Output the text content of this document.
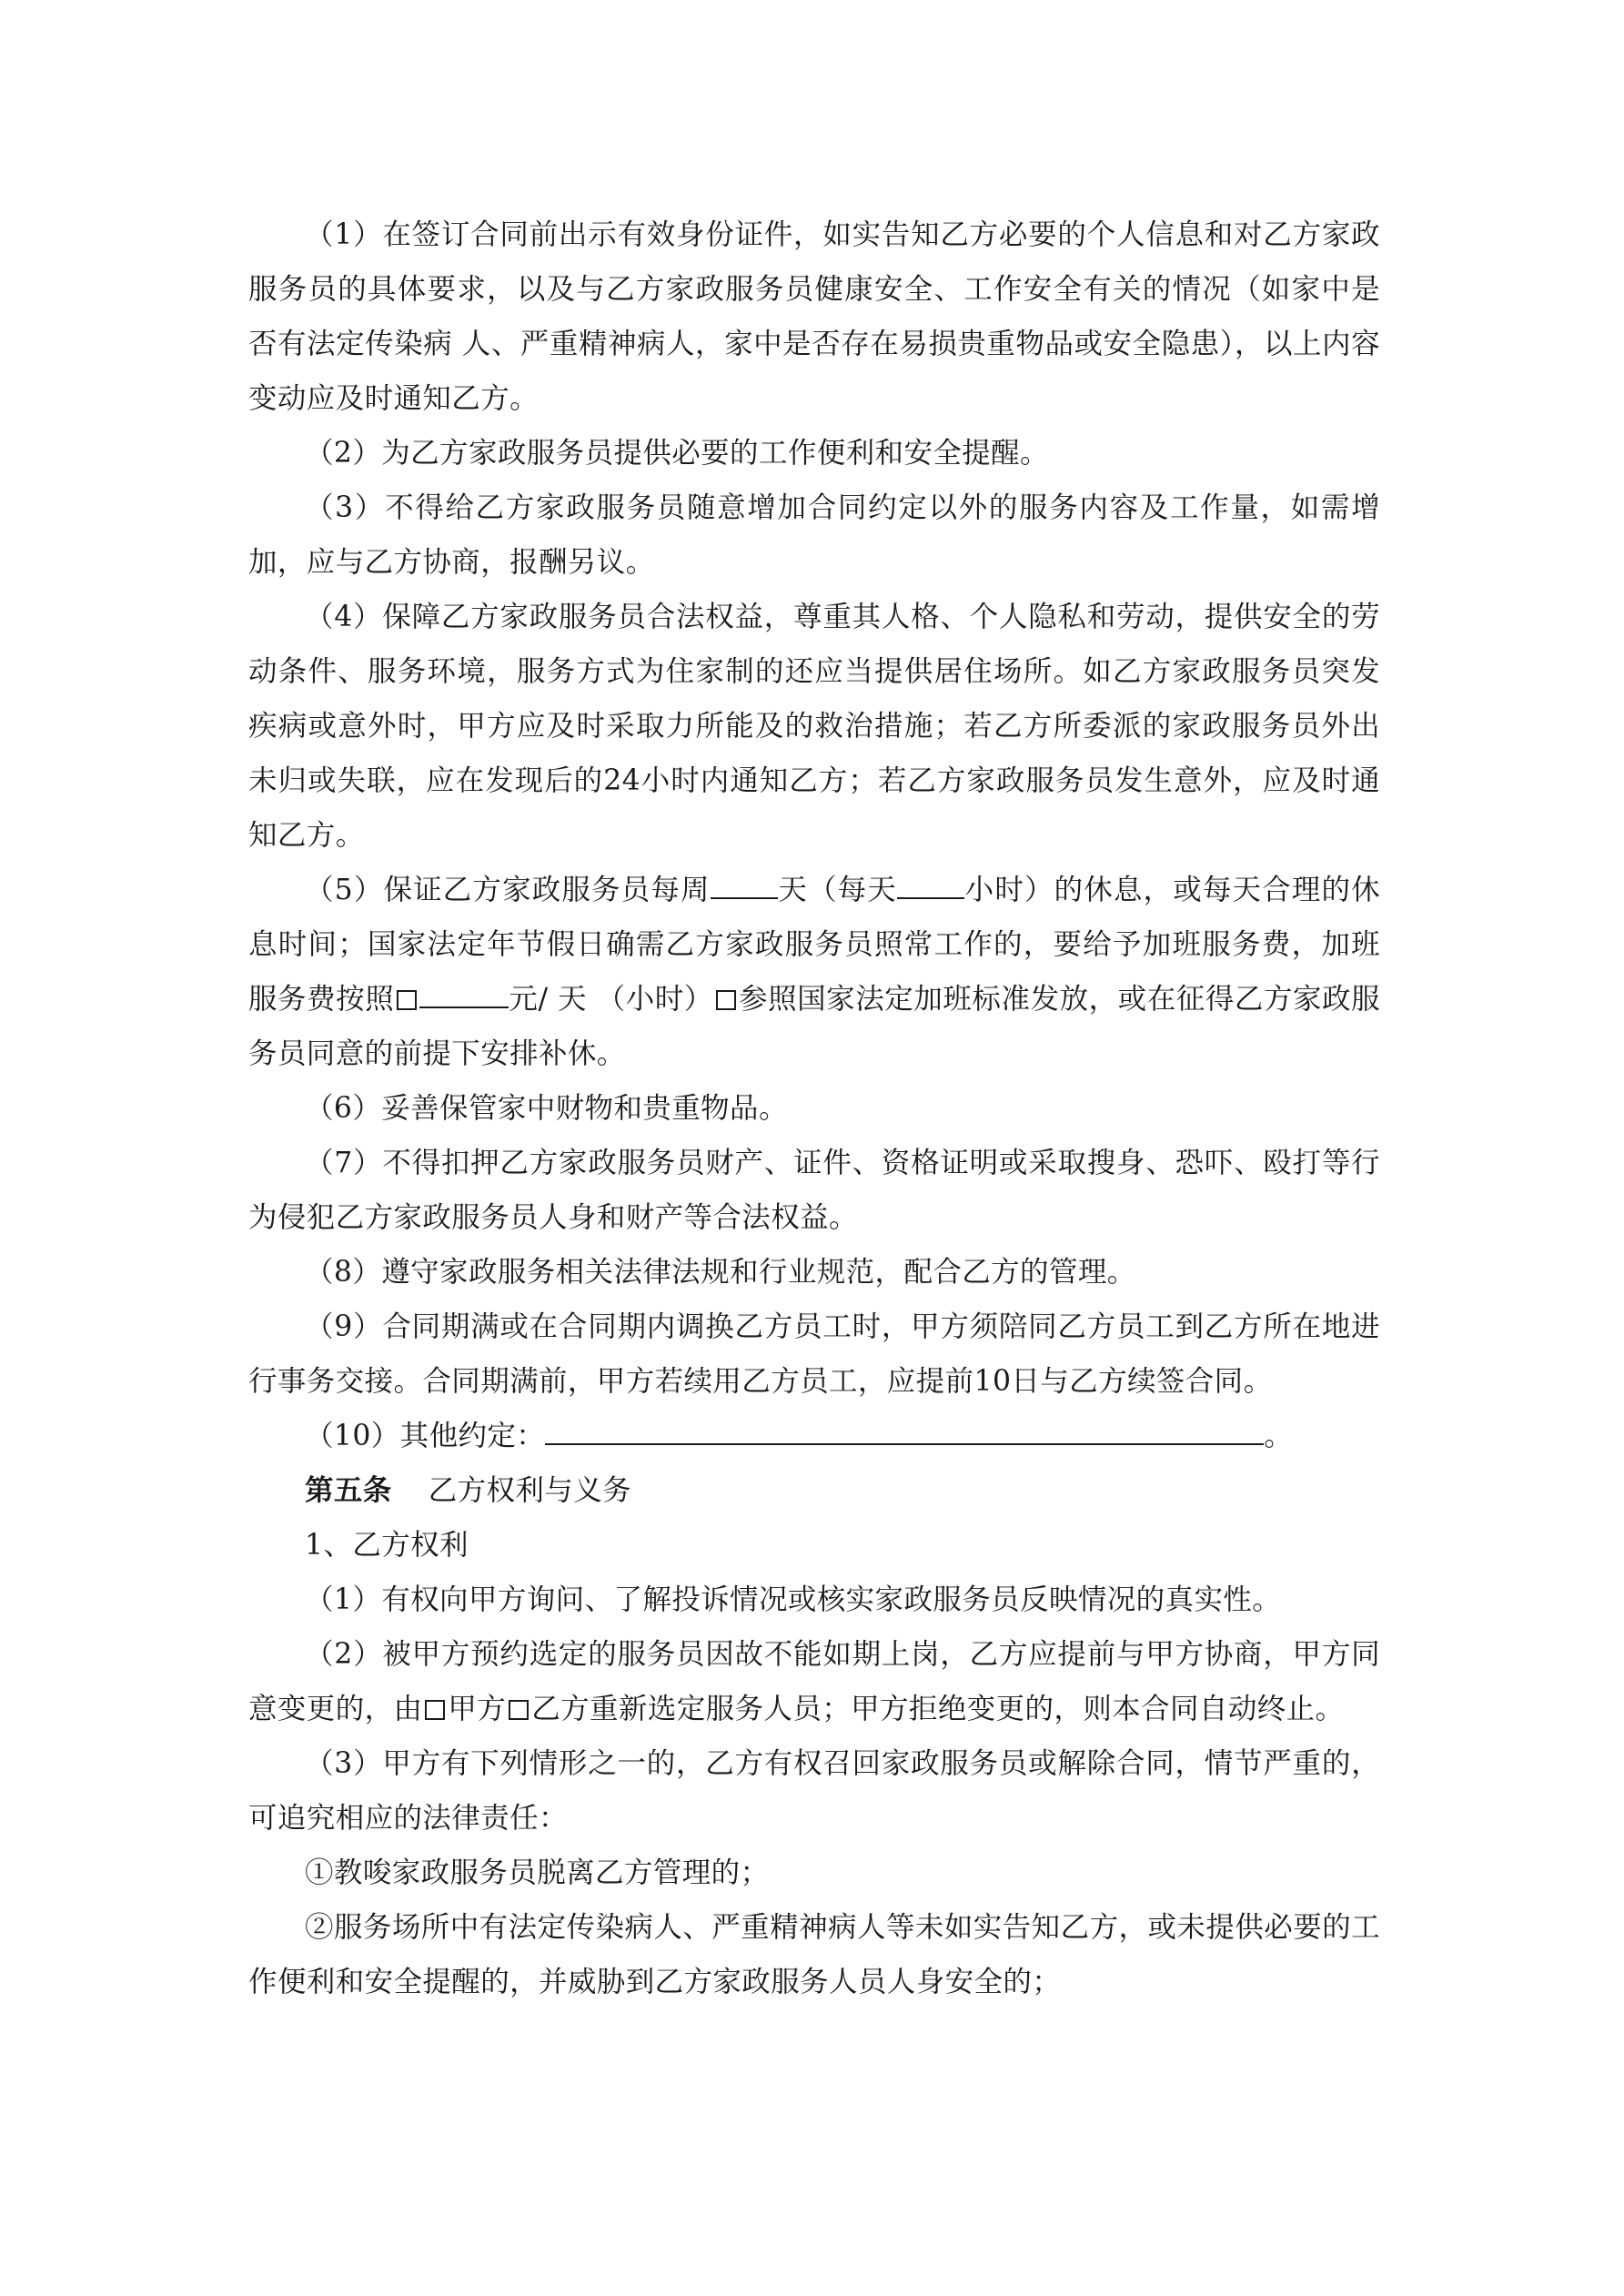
（1）在签订合同前出示有效身份证件，如实告知乙方必要的个人信息和对乙方家政服务员的具体要求，以及与乙方家政服务员健康安全、工作安全有关的情况（如家中是否有法定传染病 人、严重精神病人，家中是否存在易损贵重物品或安全隐患），以上内容变动应及时通知乙方。

（2）为乙方家政服务员提供必要的工作便利和安全提醒。

（3）不得给乙方家政服务员随意增加合同约定以外的服务内容及工作量，如需增加，应与乙方协商，报酬另议。

（4）保障乙方家政服务员合法权益，尊重其人格、个人隐私和劳动，提供安全的劳动条件、服务环境，服务方式为住家制的还应当提供居住场所。如乙方家政服务员突发疾病或意外时，甲方应及时采取力所能及的救治措施；若乙方所委派的家政服务员外出未归或失联，应在发现后的24小时内通知乙方；若乙方家政服务员发生意外，应及时通知乙方。

（5）保证乙方家政服务员每周 天（每天 小时）的休息，或每天合理的休息时间；国家法定年节假日确需乙方家政服务员照常工作的，要给予加班服务费，加班服务费按照	元/ 天 （小时） 参照国家法定加班标准发放，或在征得乙方家政服务员同意的前提下安排补休。

（6）妥善保管家中财物和贵重物品。

（7）不得扣押乙方家政服务员财产、证件、资格证明或采取搜身、恐吓、殴打等行为侵犯乙方家政服务员人身和财产等合法权益。

（8）遵守家政服务相关法律法规和行业规范，配合乙方的管理。

（9）合同期满或在合同期内调换乙方员工时，甲方须陪同乙方员工到乙方所在地进行事务交接。合同期满前，甲方若续用乙方员工，应提前10日与乙方续签合同。

（10）其他约定：	。

第五条 乙方权利与义务

1、乙方权利

（1）有权向甲方询问、了解投诉情况或核实家政服务员反映情况的真实性。

（2）被甲方预约选定的服务员因故不能如期上岗，乙方应提前与甲方协商，甲方同意变更的，由 甲方 乙方重新选定服务人员；甲方拒绝变更的，则本合同自动终止。

（3）甲方有下列情形之一的，乙方有权召回家政服务员或解除合同，情节严重的，可追究相应的法律责任：

①教唆家政服务员脱离乙方管理的；

②服务场所中有法定传染病人、严重精神病人等未如实告知乙方，或未提供必要的工作便利和安全提醒的，并威胁到乙方家政服务人员人身安全的；
